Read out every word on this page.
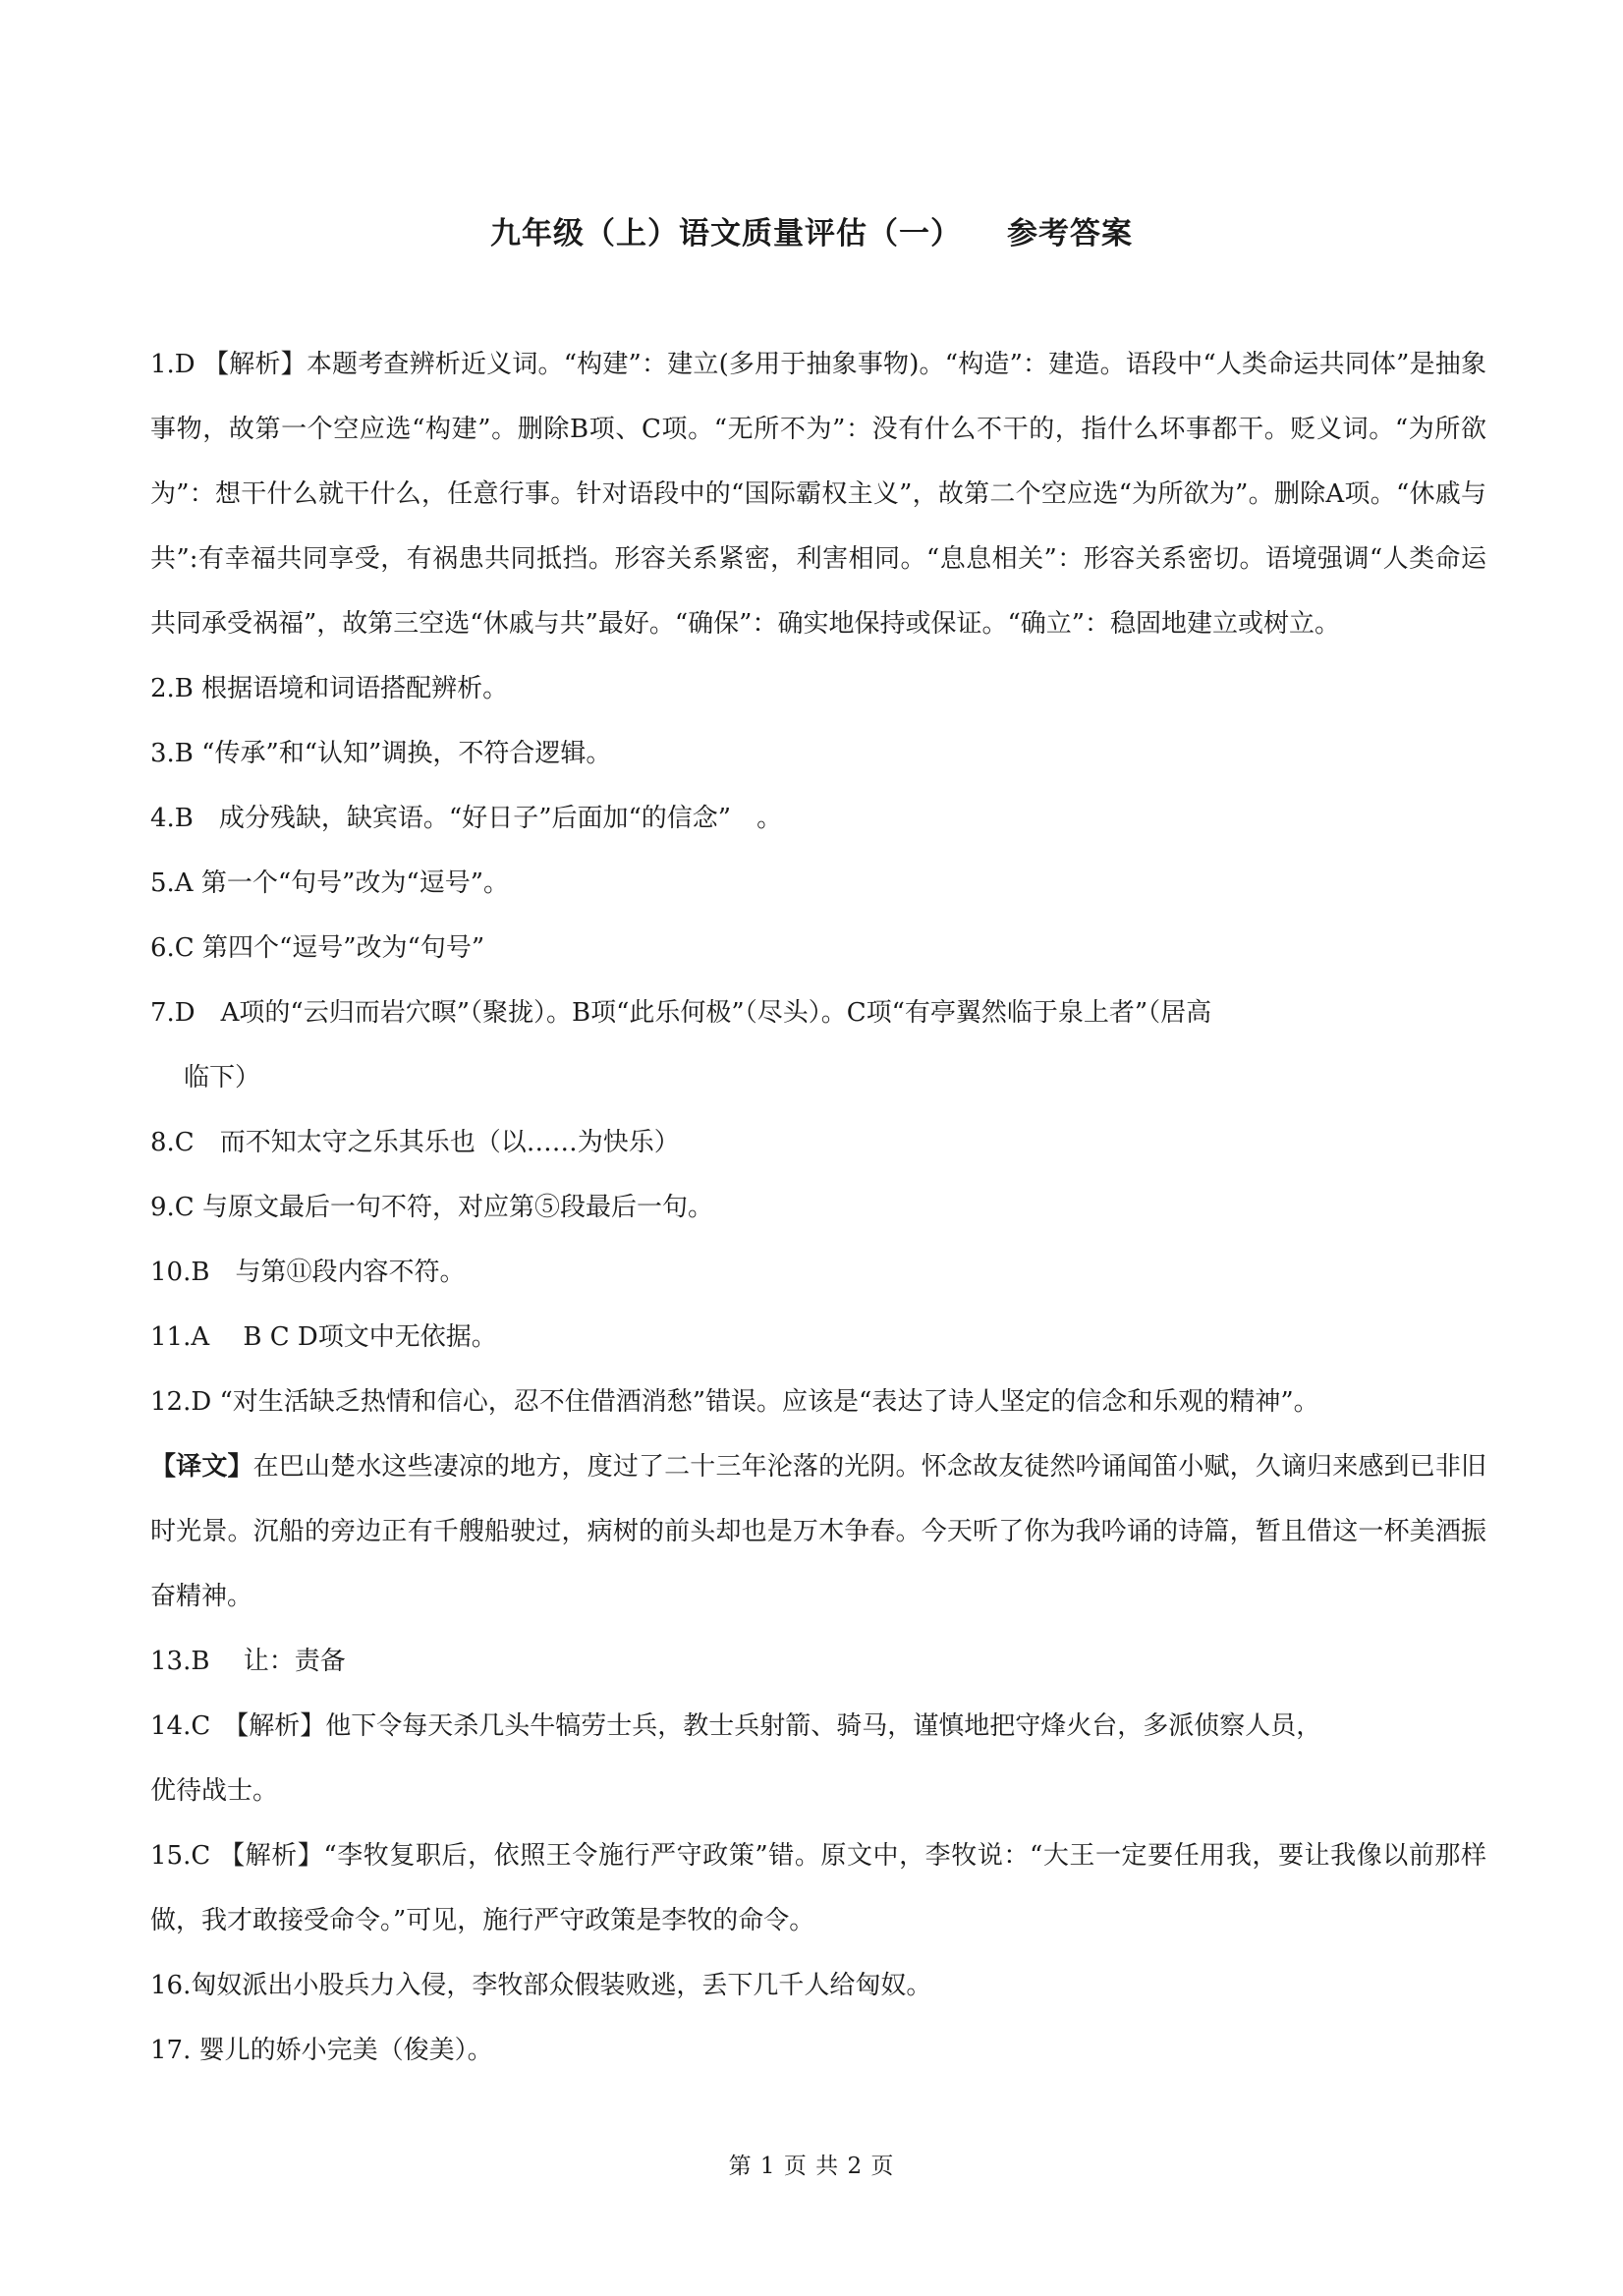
九年级（上）语文质量评估（一） 参考答案

1.D 【解析】本题考查辨析近义词。“构建”：建立(多用于抽象事物)。“构造”：建造。语段中“人类命运共同体”是抽象事物，故第一个空应选“构建”。删除B项、C项。“无所不为”：没有什么不干的，指什么坏事都干。贬义词。“为所欲为”：想干什么就干什么，任意行事。针对语段中的“国际霸权主义”，故第二个空应选“为所欲为”。删除A项。“休戚与共”:有幸福共同享受，有祸患共同抵挡。形容关系紧密，利害相同。“息息相关”：形容关系密切。语境强调“人类命运共同承受祸福”，故第三空选“休戚与共”最好。“确保”：确实地保持或保证。“确立”：稳固地建立或树立。

2.B 根据语境和词语搭配辨析。

3.B “传承”和“认知”调换，不符合逻辑。

4.B　成分残缺，缺宾语。“好日子”后面加“的信念”　。

5.A 第一个“句号”改为“逗号”。

6.C 第四个“逗号”改为“句号”

7.D　A项的“云归而岩穴暝”（聚拢）。B项“此乐何极”（尽头）。C项“有亭翼然临于泉上者”（居高

临下）

8.C　而不知太守之乐其乐也（以……为快乐）

9.C 与原文最后一句不符，对应第⑤段最后一句。

10.B　与第⑪段内容不符。

11.A　 B C D项文中无依据。

12.D “对生活缺乏热情和信心，忍不住借酒消愁”错误。应该是“表达了诗人坚定的信念和乐观的精神”。

【译文】在巴山楚水这些凄凉的地方，度过了二十三年沦落的光阴。怀念故友徒然吟诵闻笛小赋，久谪归来感到已非旧时光景。沉船的旁边正有千艘船驶过，病树的前头却也是万木争春。今天听了你为我吟诵的诗篇，暂且借这一杯美酒振奋精神。

13.B　 让：责备

14.C　【解析】他下令每天杀几头牛犒劳士兵，教士兵射箭、骑马，谨慎地把守烽火台，多派侦察人员，

优待战士。

15.C 【解析】“李牧复职后，依照王令施行严守政策”错。原文中，李牧说：“大王一定要任用我，要让我像以前那样做，我才敢接受命令。”可见，施行严守政策是李牧的命令。

16.匈奴派出小股兵力入侵，李牧部众假装败逃，丢下几千人给匈奴。

17. 婴儿的娇小完美（俊美）。

第 1 页 共 2 页
